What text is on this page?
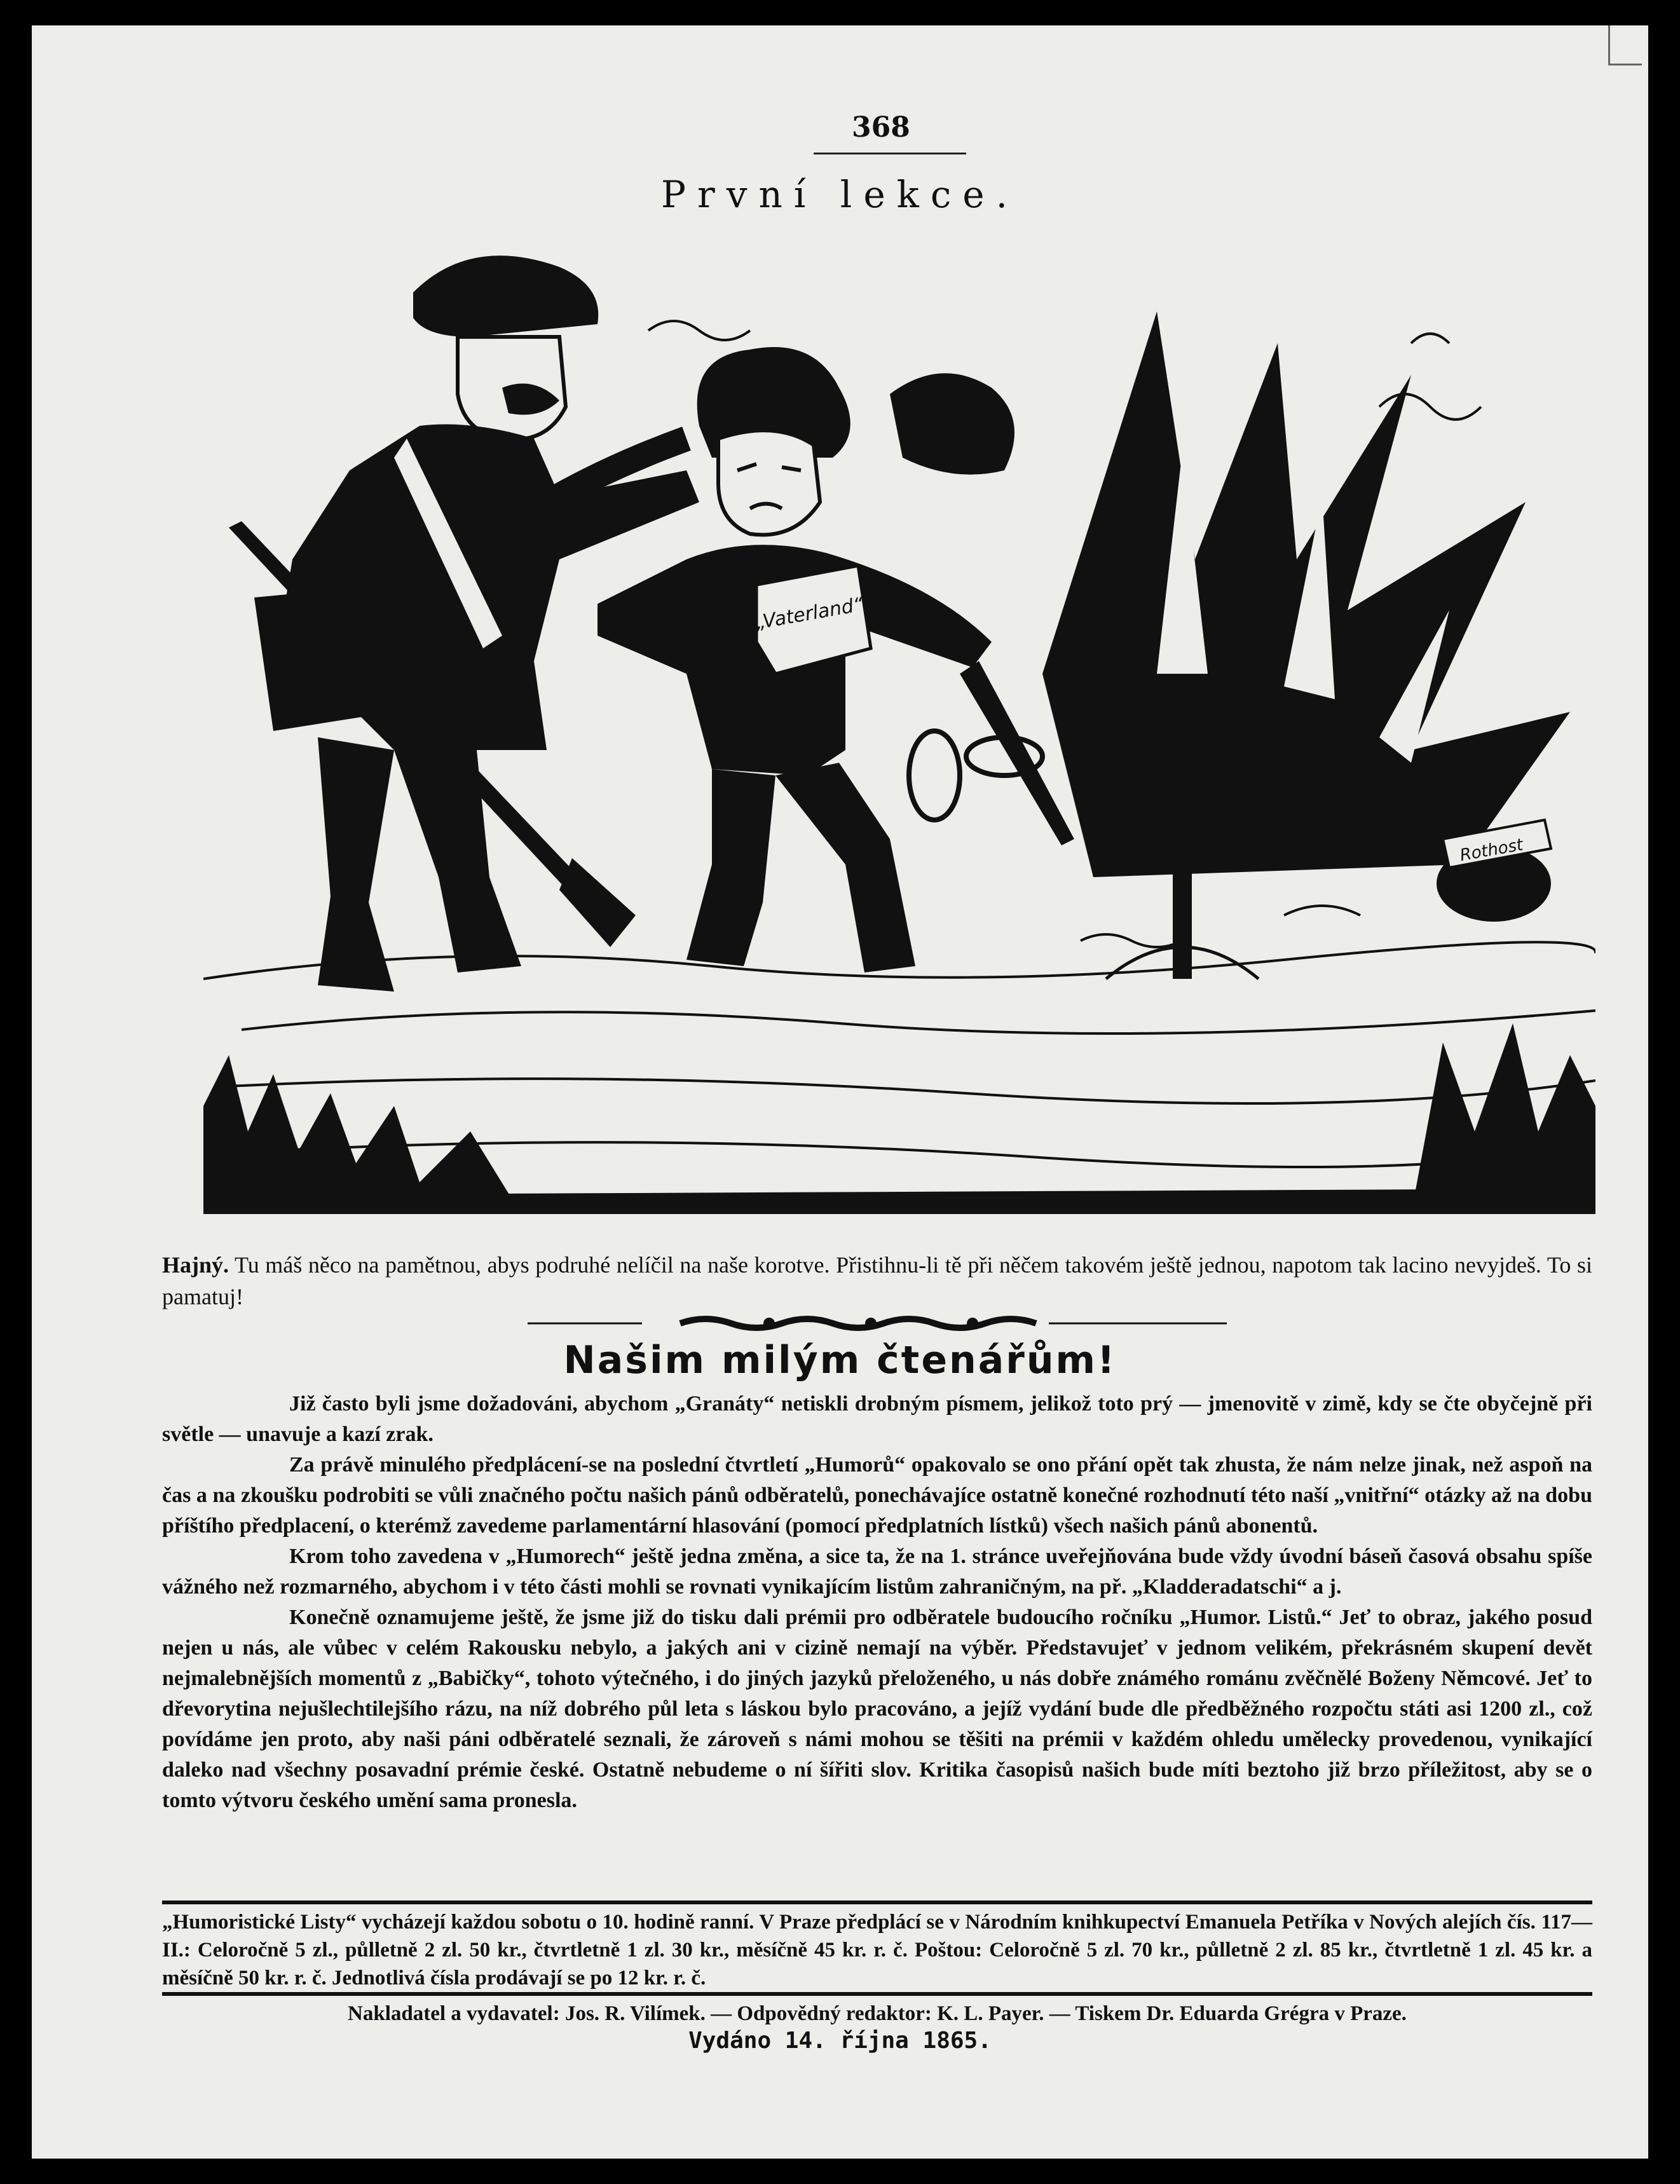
368
První lekce.
Rothost
„Vaterland“
Hajný. Tu máš něco na pamětnou, abys podruhé nelíčil na naše korotve. Přistihnu-li tě při něčem takovém ještě jednou, napotom tak lacino nevyjdeš. To si pamatuj!
Našim milým čtenářům!

Již často byli jsme dožadováni, abychom „Granáty“ netiskli drobným písmem, jelikož toto prý — jmenovitě v zimě, kdy se čte obyčejně při světle — unavuje a kazí zrak.

Za právě minulého předplácení-se na poslední čtvrtletí „Humorů“ opakovalo se ono přání opět tak zhusta, že nám nelze jinak, než aspoň na čas a na zkoušku podrobiti se vůli značného počtu našich pánů odběratelů, ponechávajíce ostatně konečné rozhodnutí této naší „vnitřní“ otázky až na dobu příštího předplacení, o kterémž zavedeme parlamentární hlasování (pomocí předplatních lístků) všech našich pánů abonentů.

Krom toho zavedena v „Humorech“ ještě jedna změna, a sice ta, že na 1. stránce uveřejňována bude vždy úvodní báseň časová obsahu spíše vážného než rozmarného, abychom i v této části mohli se rovnati vynikajícím listům zahraničným, na př. „Kladderadatschi“ a j.

Konečně oznamujeme ještě, že jsme již do tisku dali prémii pro odběratele budoucího ročníku „Humor. Listů.“ Jeť to obraz, jakého posud nejen u nás, ale vůbec v celém Rakousku nebylo, a jakých ani v cizině nemají na výběr. Představujeť v jednom velikém, překrásném skupení devět nejmalebnějších momentů z „Babičky“, tohoto výtečného, i do jiných jazyků přeloženého, u nás dobře známého románu zvěčnělé Boženy Němcové. Jeť to dřevorytina nejušlechtilejšího rázu, na níž dobrého půl leta s láskou bylo pracováno, a jejíž vydání bude dle předběžného rozpočtu státi asi 1200 zl., což povídáme jen proto, aby naši páni odběratelé seznali, že zároveň s námi mohou se těšiti na prémii v každém ohledu umělecky provedenou, vynikající daleko nad všechny posavadní prémie české. Ostatně nebudeme o ní šířiti slov. Kritika časopisů našich bude míti beztoho již brzo příležitost, aby se o tomto výtvoru českého umění sama pronesla.

„Humoristické Listy“ vycházejí každou sobotu o 10. hodině ranní. V Praze předplácí se v Národním knihkupectví Emanuela Petříka v Nových alejích čís. 117—II.: Celoročně 5 zl., půlletně 2 zl. 50 kr., čtvrtletně 1 zl. 30 kr., měsíčně 45 kr. r. č. Poštou: Celoročně 5 zl. 70 kr., půlletně 2 zl. 85 kr., čtvrtletně 1 zl. 45 kr. a měsíčně 50 kr. r. č. Jednotlivá čísla prodávají se po 12 kr. r. č.
Nakladatel a vydavatel: Jos. R. Vilímek. — Odpovědný redaktor: K. L. Payer. — Tiskem Dr. Eduarda Grégra v Praze.
Vydáno 14. října 1865.
